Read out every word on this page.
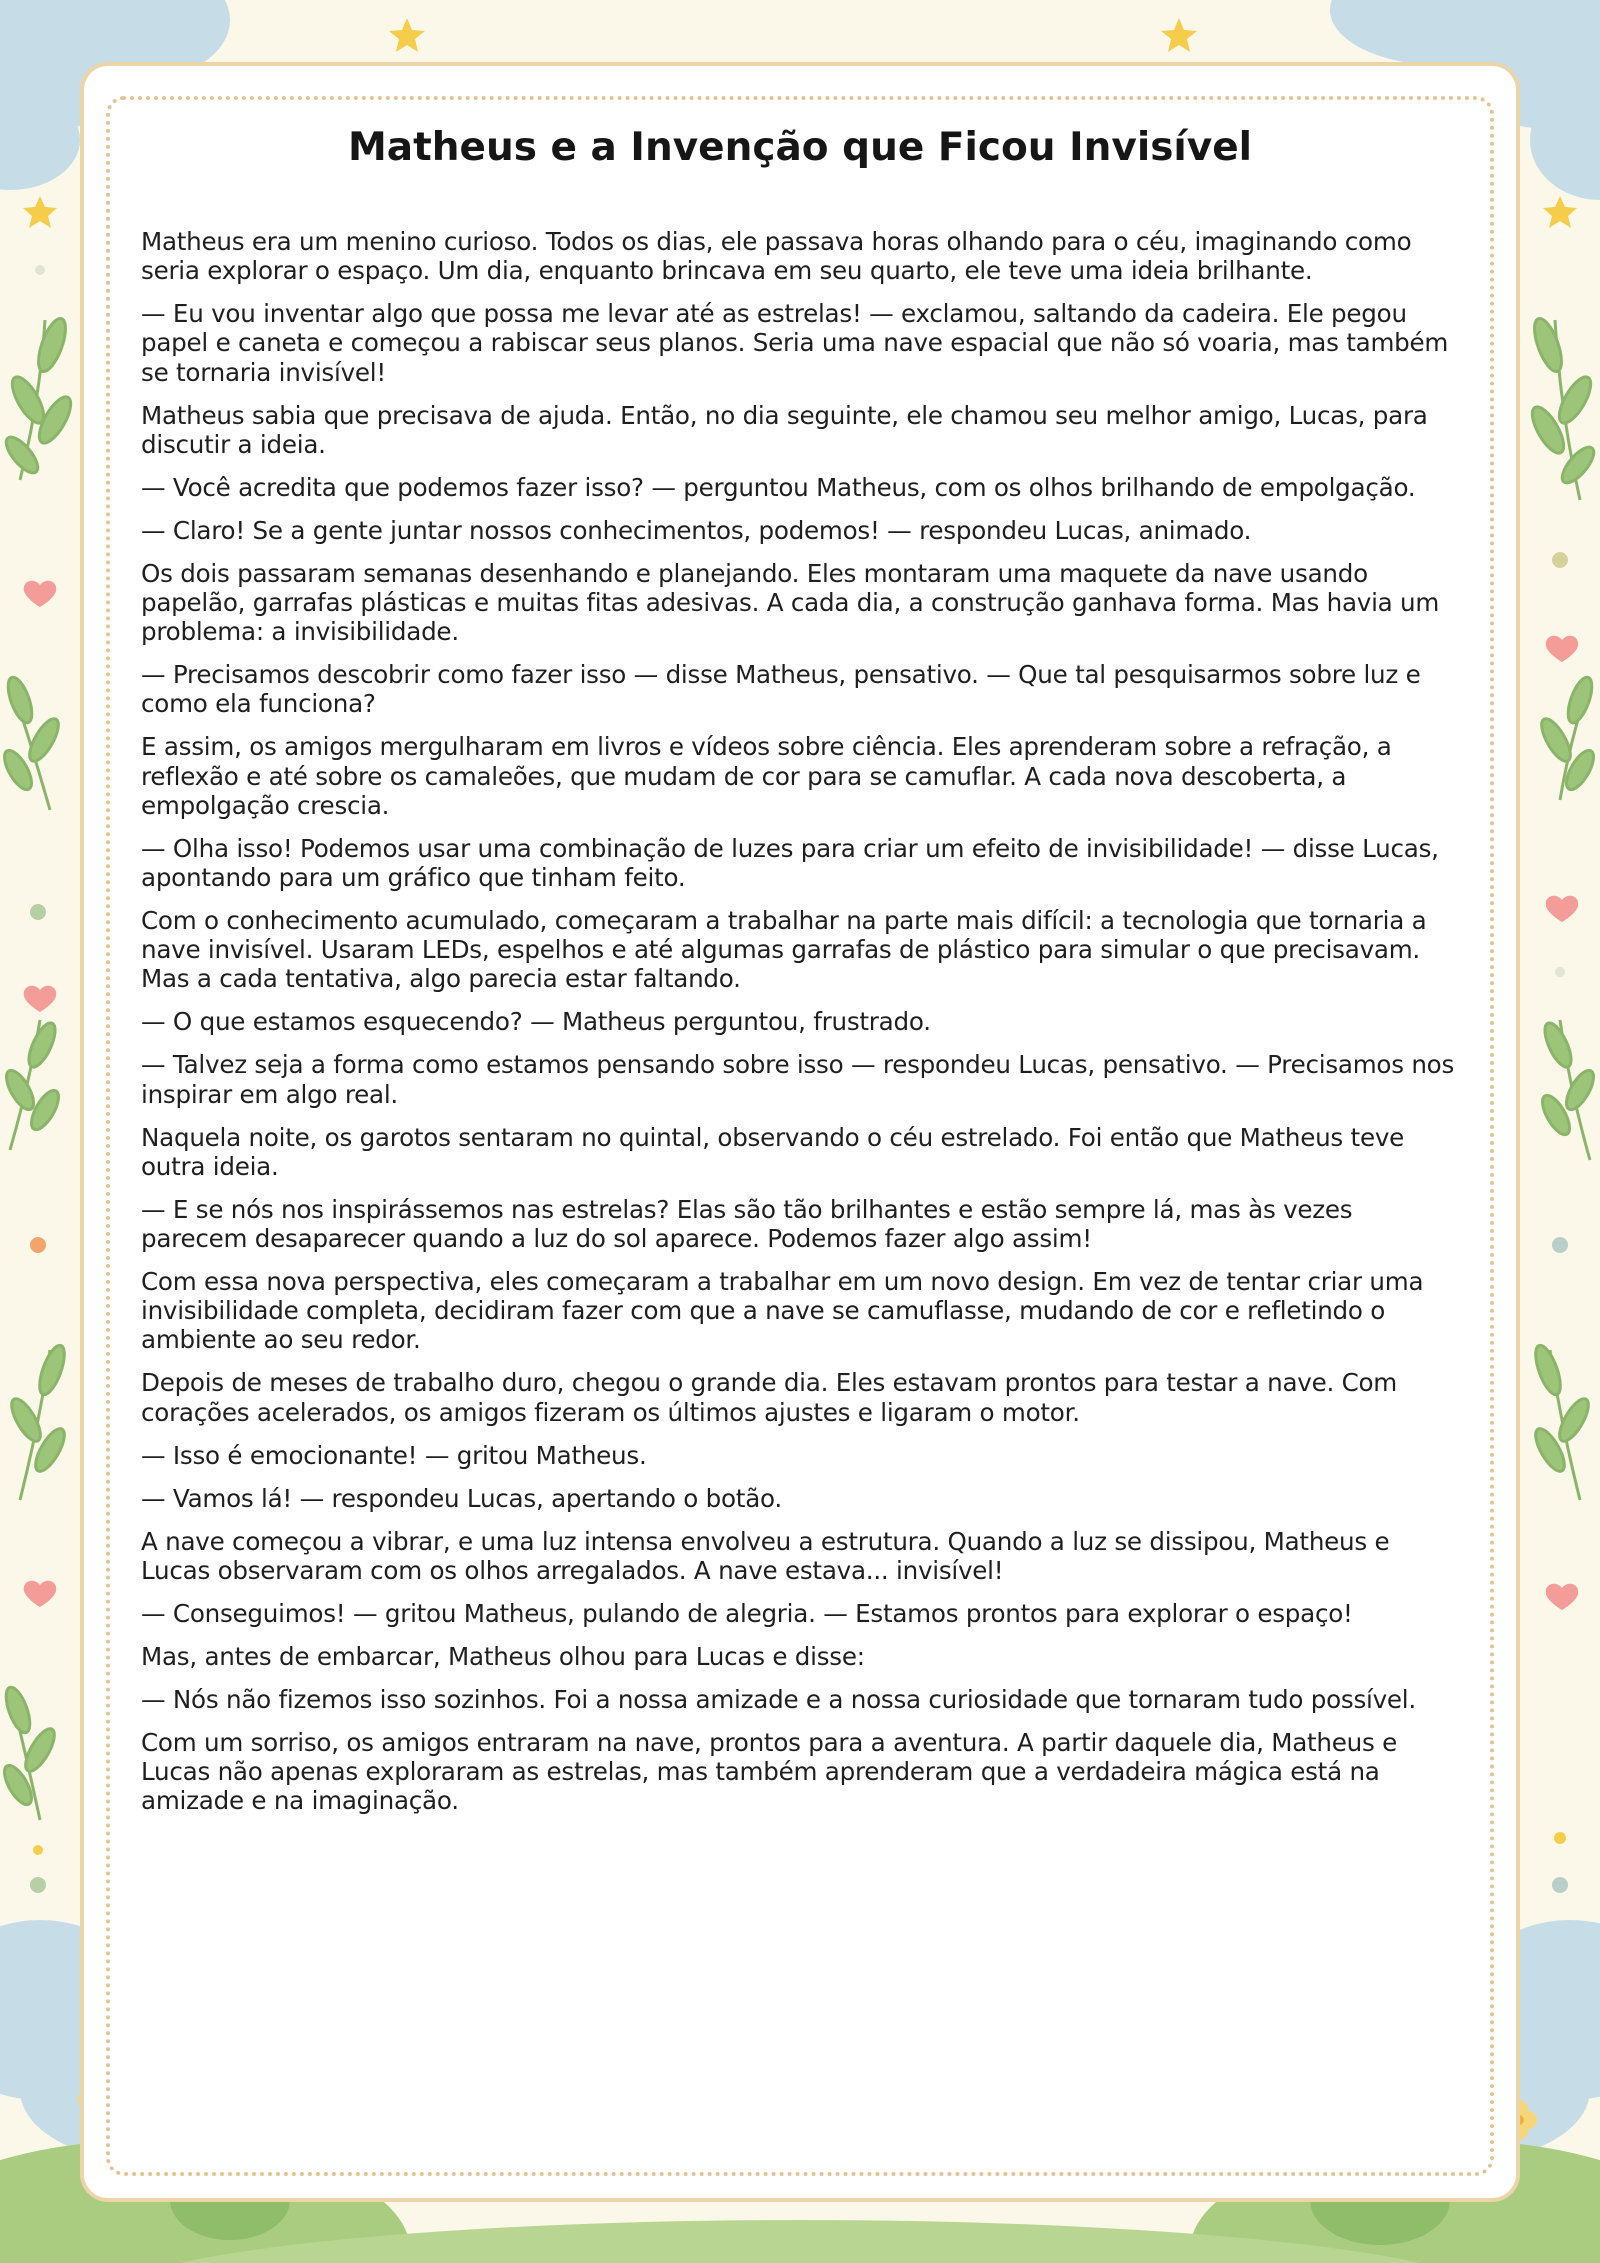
Matheus e a Invenção que Ficou Invisível

Matheus era um menino curioso. Todos os dias, ele passava horas olhando para o céu, imaginando como seria explorar o espaço. Um dia, enquanto brincava em seu quarto, ele teve uma ideia brilhante.

— Eu vou inventar algo que possa me levar até as estrelas! — exclamou, saltando da cadeira. Ele pegou papel e caneta e começou a rabiscar seus planos. Seria uma nave espacial que não só voaria, mas também se tornaria invisível!

Matheus sabia que precisava de ajuda. Então, no dia seguinte, ele chamou seu melhor amigo, Lucas, para discutir a ideia.

— Você acredita que podemos fazer isso? — perguntou Matheus, com os olhos brilhando de empolgação.

— Claro! Se a gente juntar nossos conhecimentos, podemos! — respondeu Lucas, animado.

Os dois passaram semanas desenhando e planejando. Eles montaram uma maquete da nave usando papelão, garrafas plásticas e muitas fitas adesivas. A cada dia, a construção ganhava forma. Mas havia um problema: a invisibilidade.

— Precisamos descobrir como fazer isso — disse Matheus, pensativo. — Que tal pesquisarmos sobre luz e como ela funciona?

E assim, os amigos mergulharam em livros e vídeos sobre ciência. Eles aprenderam sobre a refração, a reflexão e até sobre os camaleões, que mudam de cor para se camuflar. A cada nova descoberta, a empolgação crescia.

— Olha isso! Podemos usar uma combinação de luzes para criar um efeito de invisibilidade! — disse Lucas, apontando para um gráfico que tinham feito.

Com o conhecimento acumulado, começaram a trabalhar na parte mais difícil: a tecnologia que tornaria a nave invisível. Usaram LEDs, espelhos e até algumas garrafas de plástico para simular o que precisavam. Mas a cada tentativa, algo parecia estar faltando.

— O que estamos esquecendo? — Matheus perguntou, frustrado.

— Talvez seja a forma como estamos pensando sobre isso — respondeu Lucas, pensativo. — Precisamos nos inspirar em algo real.

Naquela noite, os garotos sentaram no quintal, observando o céu estrelado. Foi então que Matheus teve outra ideia.

— E se nós nos inspirássemos nas estrelas? Elas são tão brilhantes e estão sempre lá, mas às vezes parecem desaparecer quando a luz do sol aparece. Podemos fazer algo assim!

Com essa nova perspectiva, eles começaram a trabalhar em um novo design. Em vez de tentar criar uma invisibilidade completa, decidiram fazer com que a nave se camuflasse, mudando de cor e refletindo o ambiente ao seu redor.

Depois de meses de trabalho duro, chegou o grande dia. Eles estavam prontos para testar a nave. Com corações acelerados, os amigos fizeram os últimos ajustes e ligaram o motor.

— Isso é emocionante! — gritou Matheus.

— Vamos lá! — respondeu Lucas, apertando o botão.

A nave começou a vibrar, e uma luz intensa envolveu a estrutura. Quando a luz se dissipou, Matheus e Lucas observaram com os olhos arregalados. A nave estava... invisível!

— Conseguimos! — gritou Matheus, pulando de alegria. — Estamos prontos para explorar o espaço!

Mas, antes de embarcar, Matheus olhou para Lucas e disse:

— Nós não fizemos isso sozinhos. Foi a nossa amizade e a nossa curiosidade que tornaram tudo possível.

Com um sorriso, os amigos entraram na nave, prontos para a aventura. A partir daquele dia, Matheus e Lucas não apenas exploraram as estrelas, mas também aprenderam que a verdadeira mágica está na amizade e na imaginação.
